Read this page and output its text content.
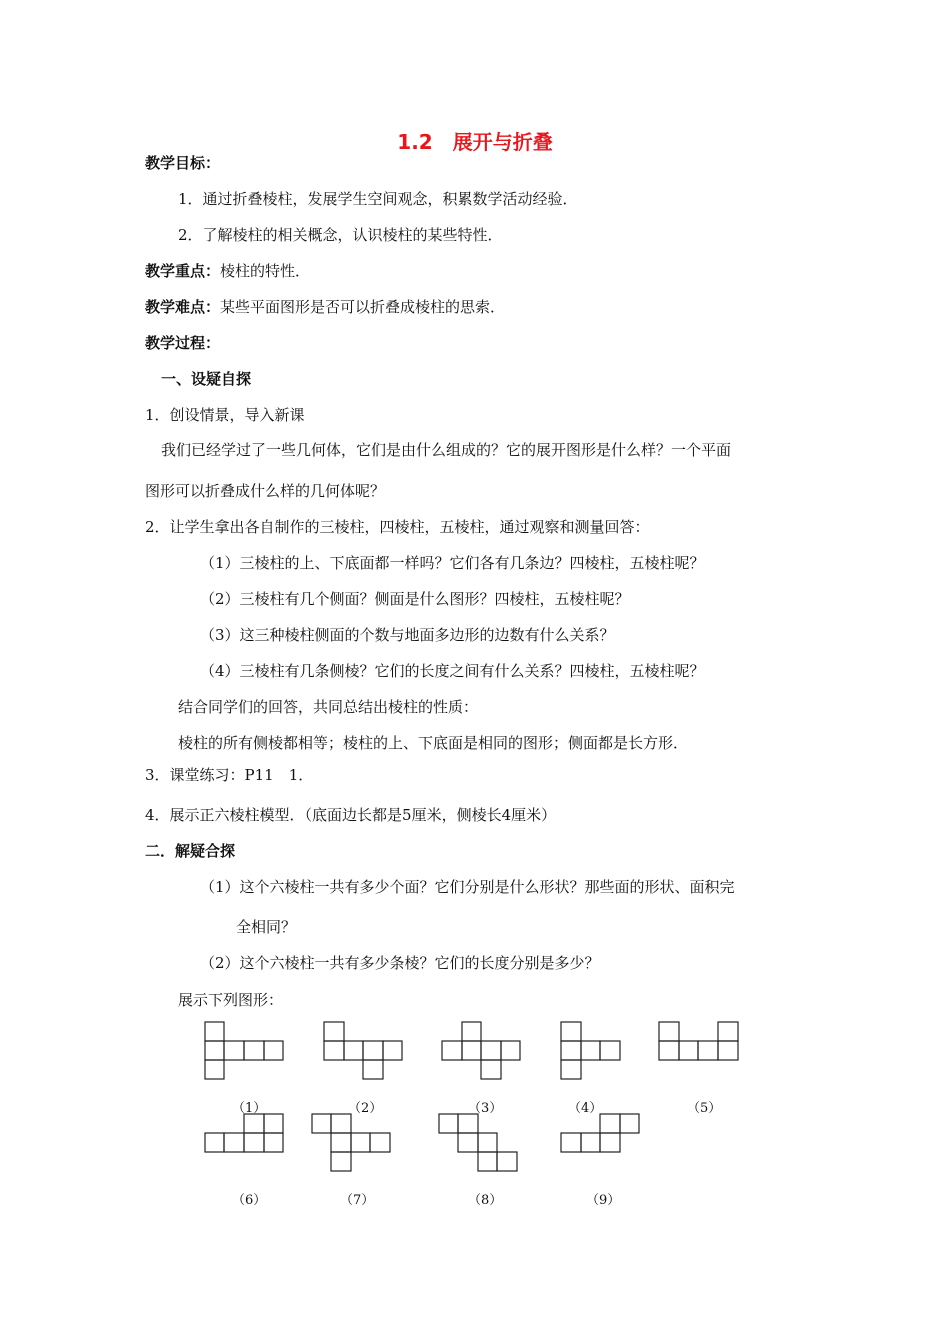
1.2　展开与折叠
教学目标：
1．通过折叠棱柱，发展学生空间观念，积累数学活动经验．
2．了解棱柱的相关概念，认识棱柱的某些特性．
教学重点：棱柱的特性．
教学难点：某些平面图形是否可以折叠成棱柱的思索．
教学过程：
一、设疑自探
1．创设情景，导入新课
我们已经学过了一些几何体，它们是由什么组成的？它的展开图形是什么样？一个平面
图形可以折叠成什么样的几何体呢？
2．让学生拿出各自制作的三棱柱，四棱柱，五棱柱，通过观察和测量回答：
（1）三棱柱的上、下底面都一样吗？它们各有几条边？四棱柱，五棱柱呢？
（2）三棱柱有几个侧面？侧面是什么图形？四棱柱，五棱柱呢？
（3）这三种棱柱侧面的个数与地面多边形的边数有什么关系？
（4）三棱柱有几条侧棱？它们的长度之间有什么关系？四棱柱，五棱柱呢？
结合同学们的回答，共同总结出棱柱的性质：
棱柱的所有侧棱都相等；棱柱的上、下底面是相同的图形；侧面都是长方形．
3．课堂练习：P11　1．
4．展示正六棱柱模型．（底面边长都是5厘米，侧棱长4厘米）
二．解疑合探
（1）这个六棱柱一共有多少个面？它们分别是什么形状？那些面的形状、面积完
全相同？
（2）这个六棱柱一共有多少条棱？它们的长度分别是多少？
展示下列图形：
（1）	（2）	（3）	（4）	（5）
（6）	（7）	（8）	（9）
